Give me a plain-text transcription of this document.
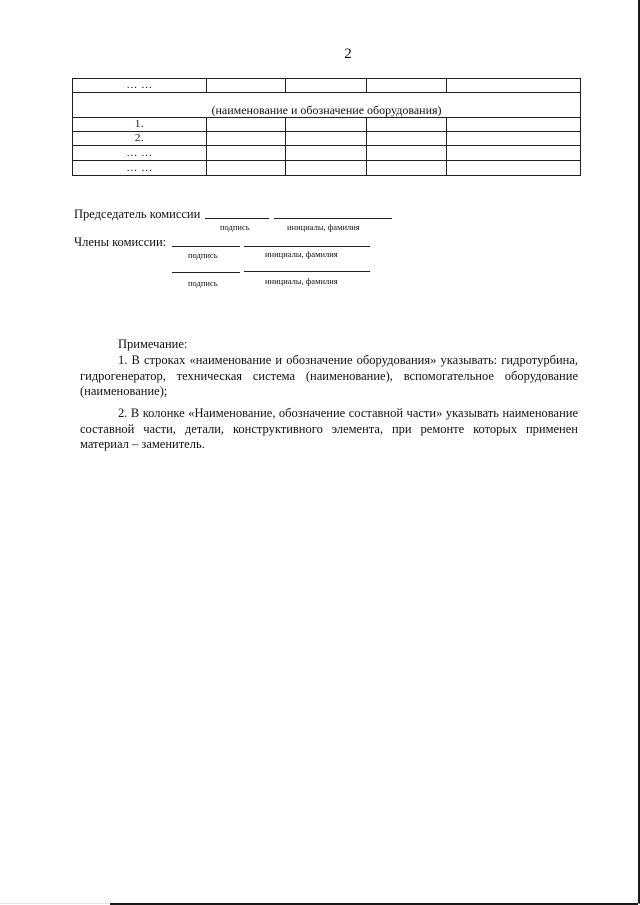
2
… …				
(наименование и обозначение оборудования)				
1.				
2.				
… …				
… …				
Председатель комиссии
подпись	инициалы, фамилия
Члены комиссии:
подпись	инициалы, фамилия
подпись	инициалы, фамилия
Примечание:
1. В строках «наименование и обозначение оборудования» указывать: гидротурбина, гидрогенератор, техническая система (наименование), вспомогательное оборудование (наименование);
2. В колонке «Наименование, обозначение составной части» указывать наименование составной части, детали, конструктивного элемента, при ремонте которых применен материал – заменитель.
